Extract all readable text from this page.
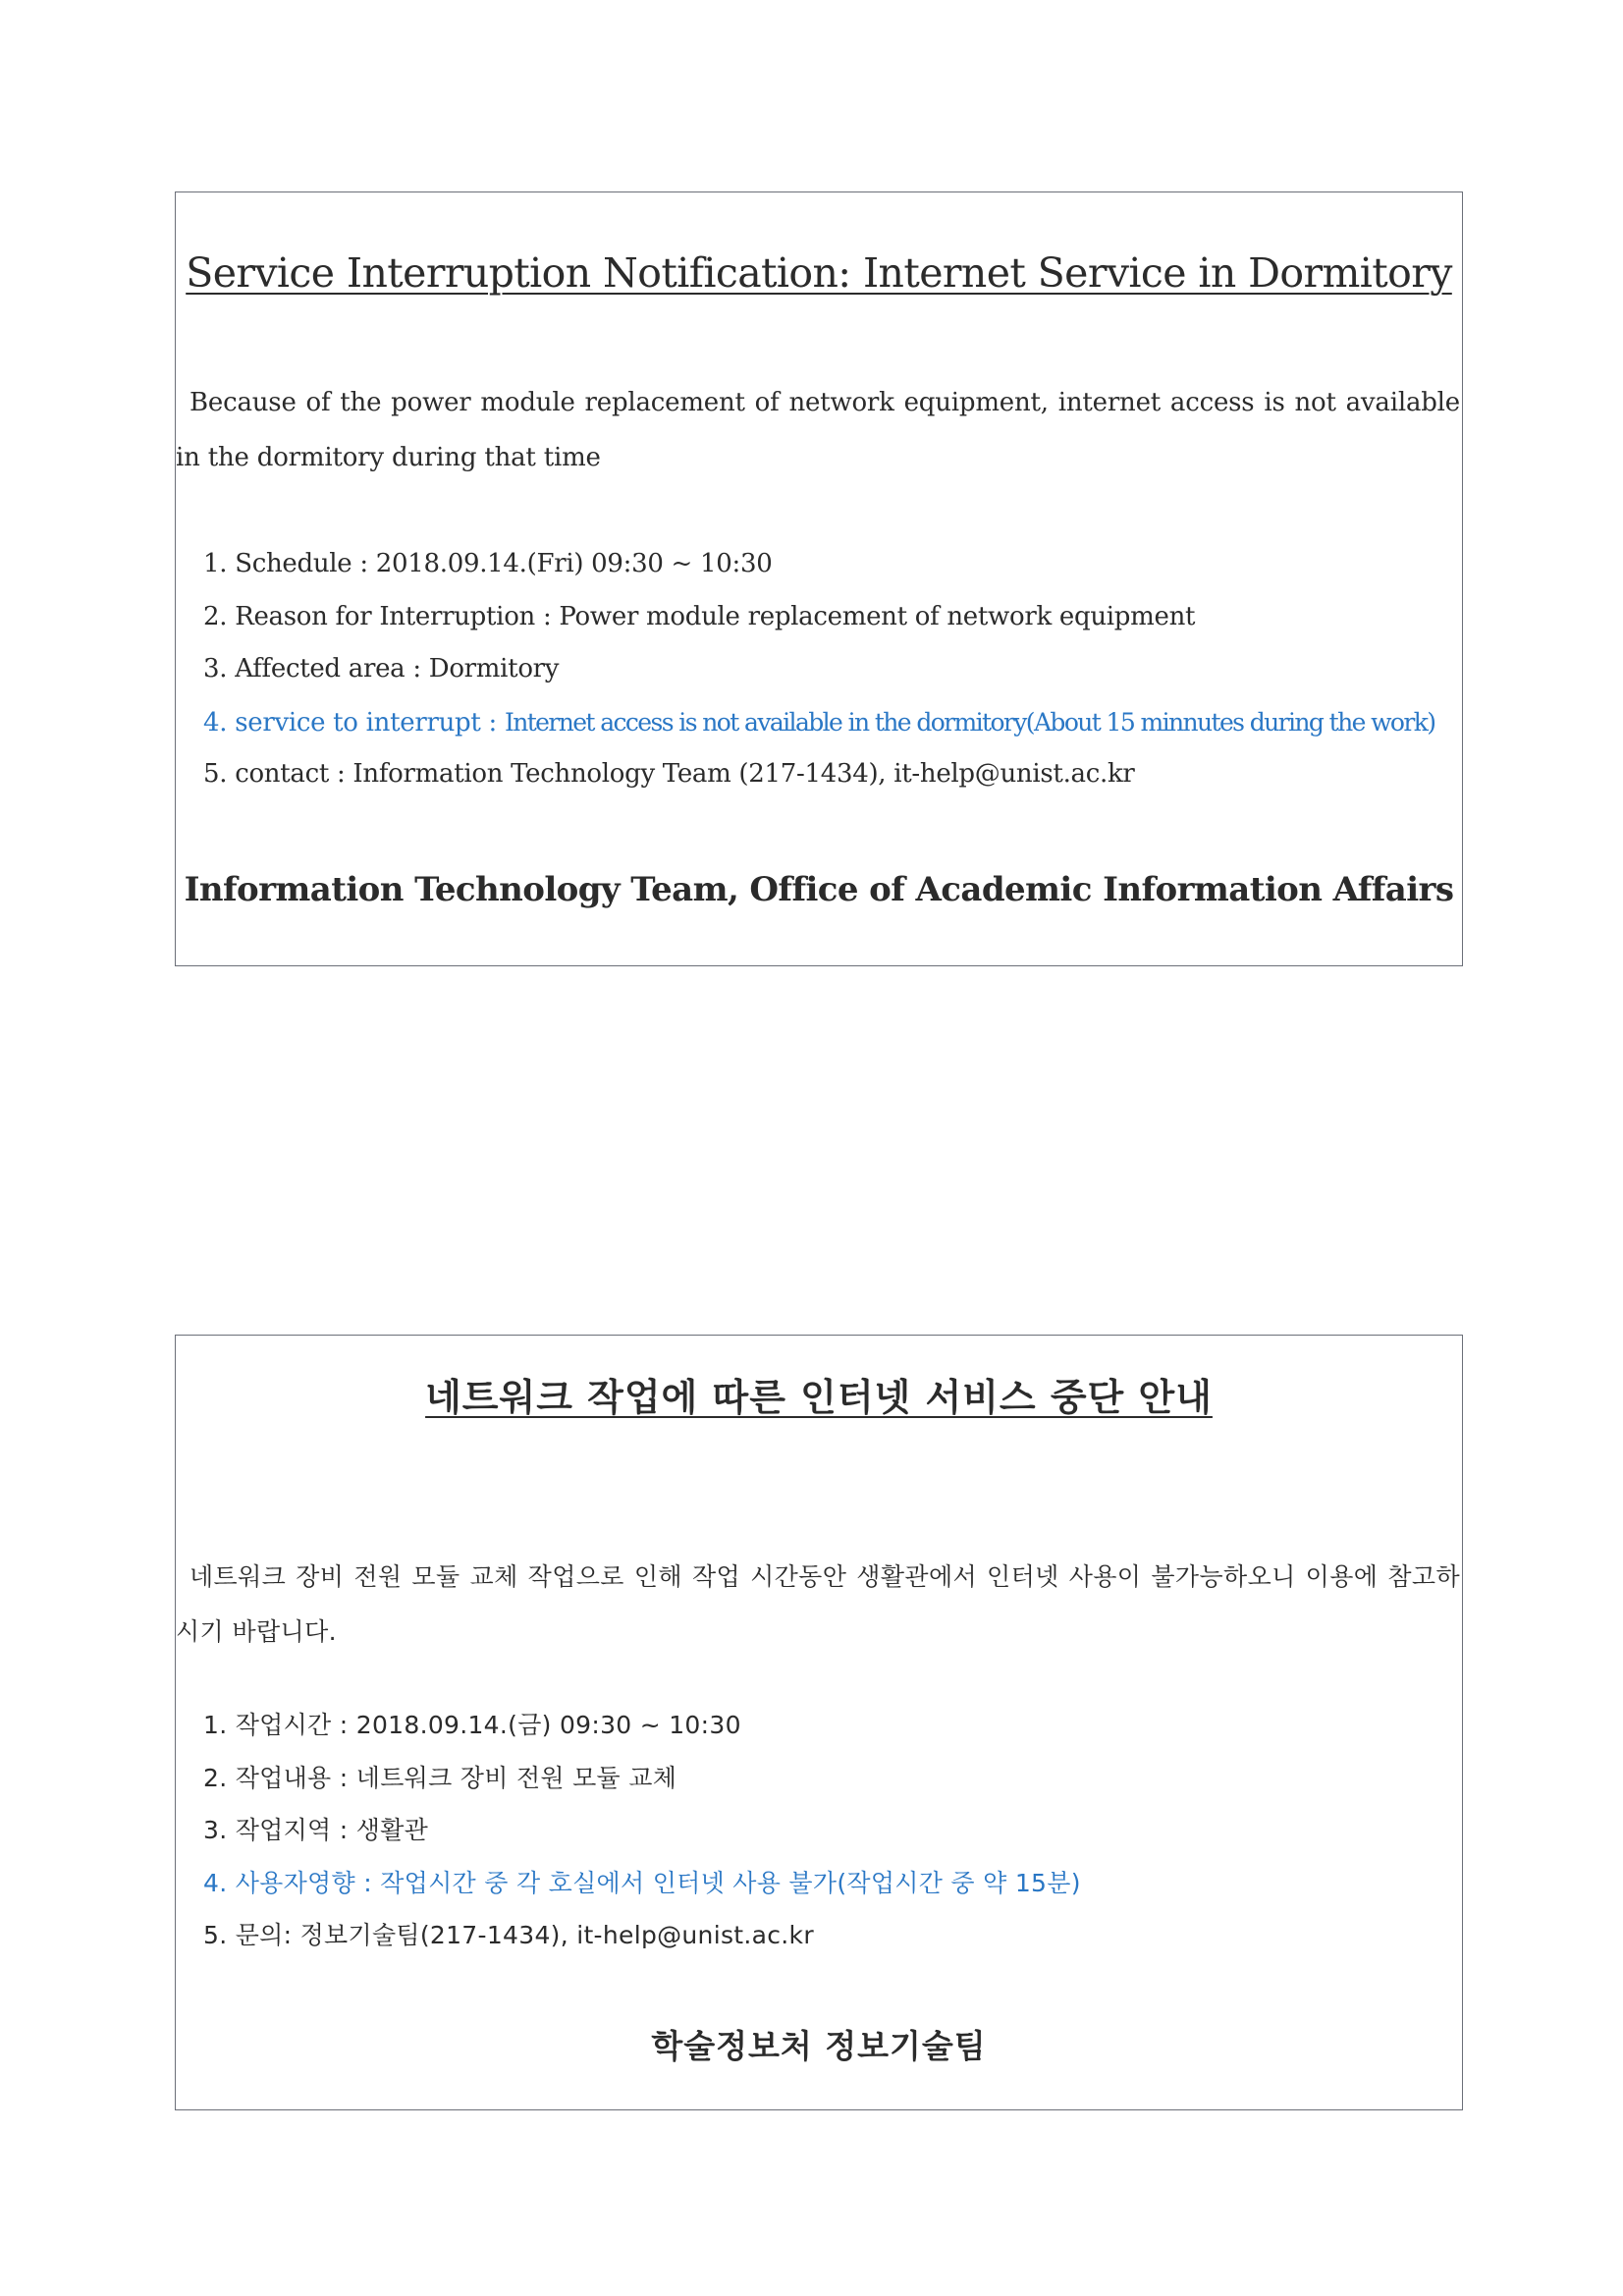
Service Interruption Notification: Internet Service in Dormitory
Because of the power module replacement of network equipment, internet access is not available in the dormitory during that time
1. Schedule : 2018.09.14.(Fri) 09:30 ~ 10:30
2. Reason for Interruption : Power module replacement of network equipment
3. Affected area : Dormitory
4. service to interrupt : Internet access is not available in the dormitory(About 15 minnutes during the work)
5. contact : Information Technology Team (217-1434), it-help@unist.ac.kr
Information Technology Team, Office of Academic Information Affairs
네트워크 작업에 따른 인터넷 서비스 중단 안내
네트워크 장비 전원 모듈 교체 작업으로 인해 작업 시간동안 생활관에서 인터넷 사용이 불가능하오니 이용에 참고하시기 바랍니다.
1. 작업시간 : 2018.09.14.(금) 09:30 ~ 10:30
2. 작업내용 : 네트워크 장비 전원 모듈 교체
3. 작업지역 : 생활관
4. 사용자영향 : 작업시간 중 각 호실에서 인터넷 사용 불가(작업시간 중 약 15분)
5. 문의: 정보기술팀(217-1434), it-help@unist.ac.kr
학술정보처 정보기술팀
